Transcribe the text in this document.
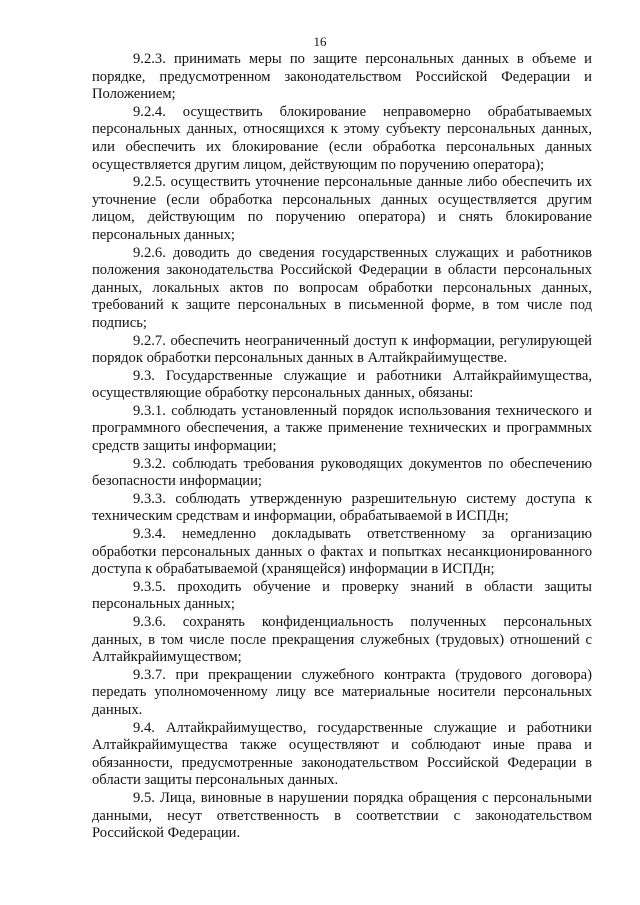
16

9.2.3. принимать меры по защите персональных данных в объеме и порядке, предусмотренном законодательством Российской Федерации и Положением;

9.2.4. осуществить блокирование неправомерно обрабатываемых персональных данных, относящихся к этому субъекту персональных данных, или обеспечить их блокирование (если обработка персональных данных осуществляется другим лицом, действующим по поручению оператора);

9.2.5. осуществить уточнение персональные данные либо обеспечить их уточнение (если обработка персональных данных осуществляется другим лицом, действующим по поручению оператора) и снять блокирование персональных данных;

9.2.6. доводить до сведения государственных служащих и работников положения законодательства Российской Федерации в области персональных данных, локальных актов по вопросам обработки персональных данных, требований к защите персональных в письменной форме, в том числе под подпись;

9.2.7. обеспечить неограниченный доступ к информации, регулирующей порядок обработки персональных данных в Алтайкрайимуществе.

9.3. Государственные служащие и работники Алтайкрайимущества, осуществляющие обработку персональных данных, обязаны:

9.3.1. соблюдать установленный порядок использования технического и программного обеспечения, а также применение технических и программных средств защиты информации;

9.3.2. соблюдать требования руководящих документов по обеспечению безопасности информации;

9.3.3. соблюдать утвержденную разрешительную систему доступа к техническим средствам и информации, обрабатываемой в ИСПДн;

9.3.4. немедленно докладывать ответственному за организацию обработки персональных данных о фактах и попытках несанкционированного доступа к обрабатываемой (хранящейся) информации в ИСПДн;

9.3.5. проходить обучение и проверку знаний в области защиты персональных данных;

9.3.6. сохранять конфиденциальность полученных персональных данных, в том числе после прекращения служебных (трудовых) отношений с Алтайкрайимуществом;

9.3.7. при прекращении служебного контракта (трудового договора) передать уполномоченному лицу все материальные носители персональных данных.

9.4. Алтайкрайимущество, государственные служащие и работники Алтайкрайимущества также осуществляют и соблюдают иные права и обязанности, предусмотренные законодательством Российской Федерации в области защиты персональных данных.

9.5. Лица, виновные в нарушении порядка обращения с персональными данными, несут ответственность в соответствии с законодательством Российской Федерации.
